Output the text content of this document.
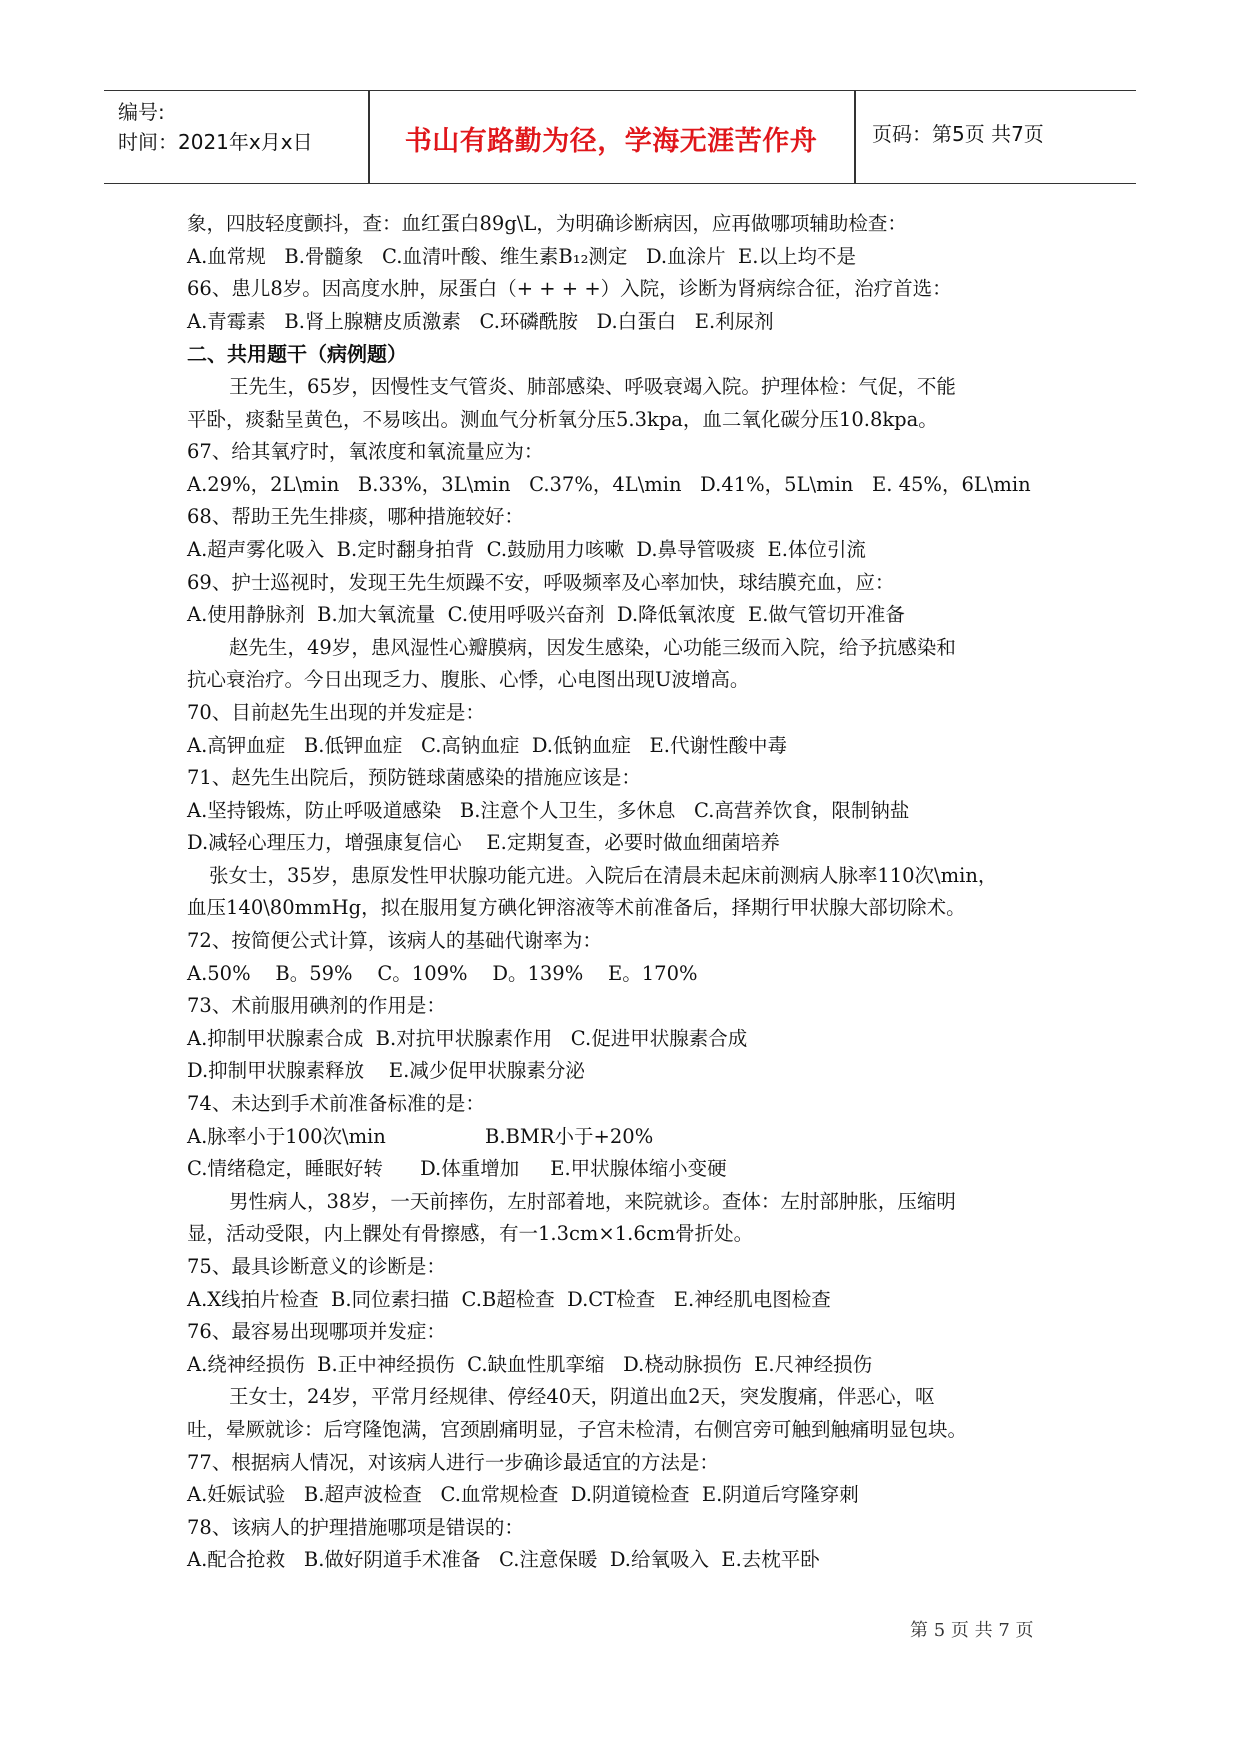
编号:
时间：2021年x月x日	书山有路勤为径，学海无涯苦作舟	页码：第5页 共7页
象，四肢轻度颤抖，查：血红蛋白89g\L，为明确诊断病因，应再做哪项辅助检查：
A.血常规   B.骨髓象   C.血清叶酸、维生素B₁₂测定   D.血涂片  E.以上均不是
66、患儿8岁。因高度水肿，尿蛋白（+ + + +）入院，诊断为肾病综合征，治疗首选：
A.青霉素   B.肾上腺糖皮质激素   C.环磷酰胺   D.白蛋白   E.利尿剂
二、共用题干（病例题）
王先生，65岁，因慢性支气管炎、肺部感染、呼吸衰竭入院。护理体检：气促，不能
平卧，痰黏呈黄色，不易咳出。测血气分析氧分压5.3kpa，血二氧化碳分压10.8kpa。
67、给其氧疗时，氧浓度和氧流量应为：
A.29%，2L\min   B.33%，3L\min   C.37%，4L\min   D.41%，5L\min   E. 45%，6L\min
68、帮助王先生排痰，哪种措施较好：
A.超声雾化吸入  B.定时翻身拍背  C.鼓励用力咳嗽  D.鼻导管吸痰  E.体位引流
69、护士巡视时，发现王先生烦躁不安，呼吸频率及心率加快，球结膜充血，应：
A.使用静脉剂  B.加大氧流量  C.使用呼吸兴奋剂  D.降低氧浓度  E.做气管切开准备
赵先生，49岁，患风湿性心瓣膜病，因发生感染，心功能三级而入院，给予抗感染和
抗心衰治疗。今日出现乏力、腹胀、心悸，心电图出现U波增高。
70、目前赵先生出现的并发症是：
A.高钾血症   B.低钾血症   C.高钠血症  D.低钠血症   E.代谢性酸中毒
71、赵先生出院后，预防链球菌感染的措施应该是：
A.坚持锻炼，防止呼吸道感染   B.注意个人卫生，多休息   C.高营养饮食，限制钠盐
D.减轻心理压力，增强康复信心    E.定期复查，必要时做血细菌培养
张女士，35岁，患原发性甲状腺功能亢进。入院后在清晨未起床前测病人脉率110次\min，
血压140\80mmHg，拟在服用复方碘化钾溶液等术前准备后，择期行甲状腺大部切除术。
72、按简便公式计算，该病人的基础代谢率为：
A.50%    B。59%    C。109%    D。139%    E。170%
73、术前服用碘剂的作用是：
A.抑制甲状腺素合成  B.对抗甲状腺素作用   C.促进甲状腺素合成
D.抑制甲状腺素释放    E.减少促甲状腺素分泌
74、未达到手术前准备标准的是：
A.脉率小于100次\min                B.BMR小于+20%
C.情绪稳定，睡眠好转      D.体重增加     E.甲状腺体缩小变硬
男性病人，38岁，一天前摔伤，左肘部着地，来院就诊。查体：左肘部肿胀，压缩明
显，活动受限，内上髁处有骨擦感，有一1.3cm×1.6cm骨折处。
75、最具诊断意义的诊断是：
A.X线拍片检查  B.同位素扫描  C.B超检查  D.CT检查   E.神经肌电图检查
76、最容易出现哪项并发症：
A.绕神经损伤  B.正中神经损伤  C.缺血性肌挛缩   D.桡动脉损伤  E.尺神经损伤
王女士，24岁，平常月经规律、停经40天，阴道出血2天，突发腹痛，伴恶心，呕
吐，晕厥就诊：后穹隆饱满，宫颈剧痛明显，子宫未检清，右侧宫旁可触到触痛明显包块。
77、根据病人情况，对该病人进行一步确诊最适宜的方法是：
A.妊娠试验   B.超声波检查   C.血常规检查  D.阴道镜检查  E.阴道后穹隆穿刺
78、该病人的护理措施哪项是错误的：
A.配合抢救   B.做好阴道手术准备   C.注意保暖  D.给氧吸入  E.去枕平卧
第 5 页 共 7 页
